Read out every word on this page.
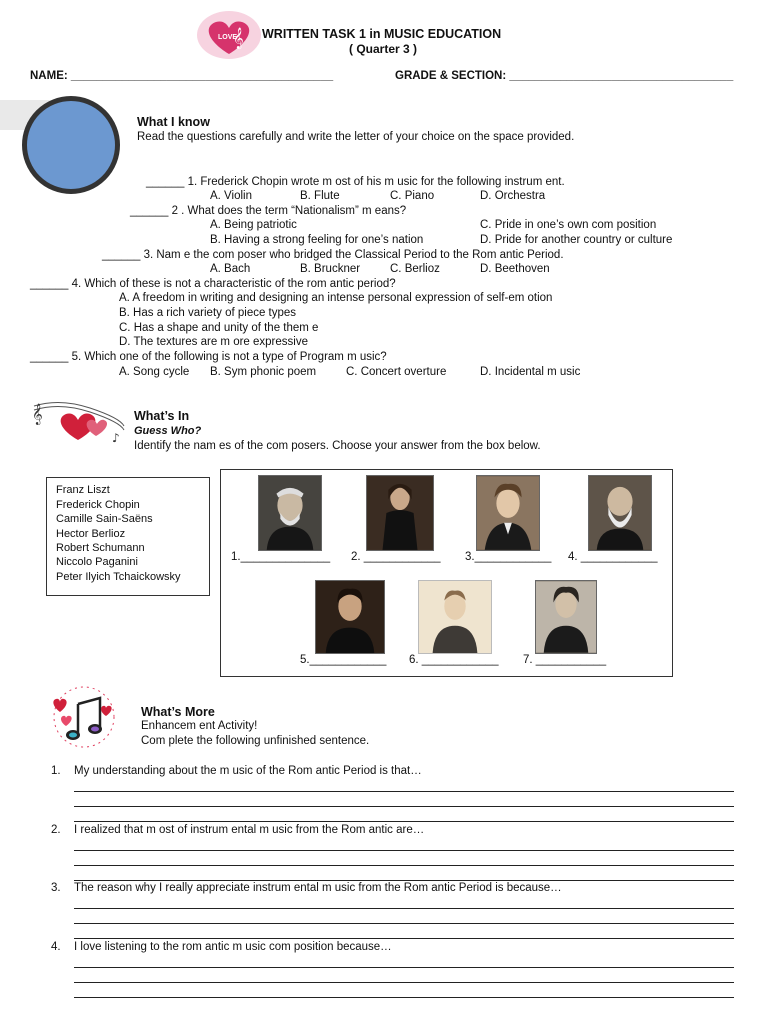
LOVE
𝄞 WRITTEN TASK 1 in MUSIC EDUCATION
( Quarter 3 )
NAME: _________________________________________	GRADE & SECTION: ___________________________________
What I know
Read the questions carefully and write the letter of your choice on the space provided.
______ 1. Frederick Chopin wrote m ost of his m usic for the following instrum ent.
A. Violin	B. Flute	C. Piano	D. Orchestra
______ 2 . What does the term “Nationalism” m eans?
A. Being patriotic	C. Pride in one’s own com position
B. Having a strong feeling for one’s nation	D. Pride for another country or culture
______ 3. Nam e the com poser who bridged the Classical Period to the Rom antic Period.
A. Bach	B. Bruckner	C. Berlioz	D. Beethoven
______ 4. Which of these is not a characteristic of the rom antic period?
A. A freedom in writing and designing an intense personal expression of self-em otion
B. Has a rich variety of piece types
C. Has a shape and unity of the them e
D. The textures are m ore expressive
______ 5. Which one of the following is not a type of Program m usic?
A. Song cycle B. Sym phonic poem	C. Concert overture	D. Incidental m usic
𝄞
♪
What’s In
Guess Who?
Identify the nam es of the com posers. Choose your answer from the box below.
Franz Liszt
Frederick Chopin
Camille Sain-Saëns
Hector Berlioz
Robert Schumann
Niccolo Paganini
Peter Ilyich Tchaickowsky
1.______________ 2. ____________ 3.____________ 4. ____________
5.____________ 6. ____________ 7. ___________
What’s More
Enhancem ent Activity!
Com plete the following unfinished sentence.
1. My understanding about the m usic of the Rom antic Period is that…
2. I realized that m ost of instrum ental m usic from the Rom antic are…
3. The reason why I really appreciate instrum ental m usic from the Rom antic Period is because…
4. I love listening to the rom antic m usic com position because…
